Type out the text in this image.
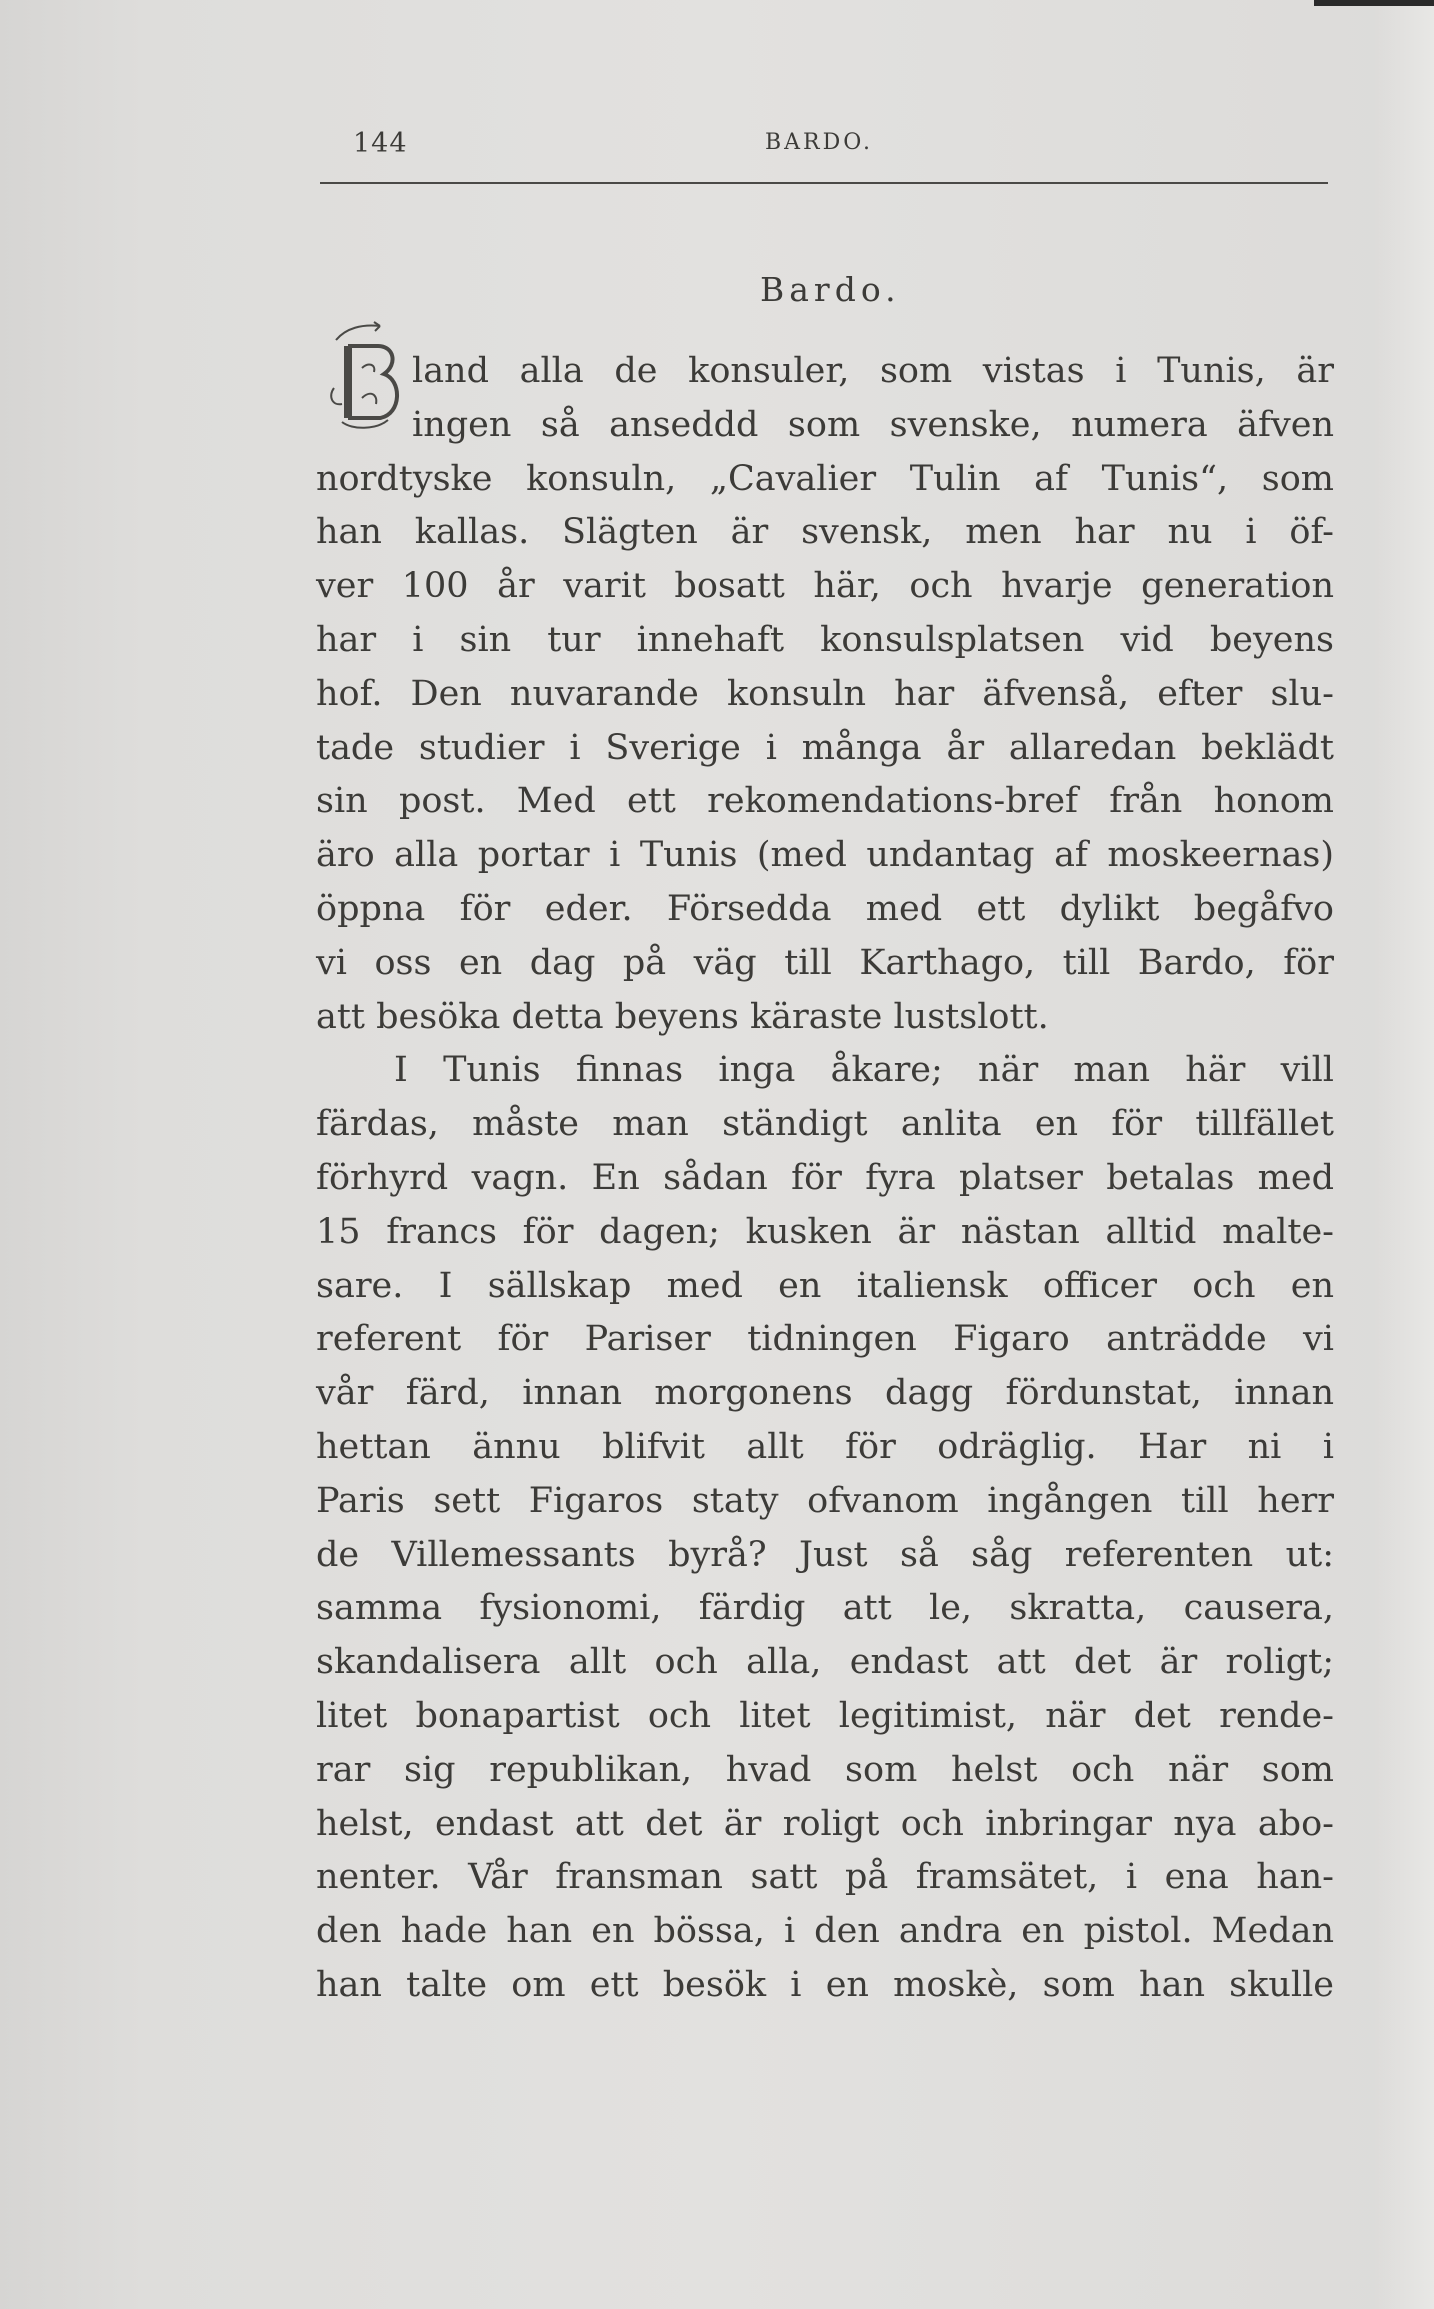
144	BARDO.
Bardo.
B
land alla de konsuler, som vistas i Tunis, är
ingen så anseddd som svenske, numera äfven
nordtyske konsuln, „Cavalier Tulin af Tunis“, som
han kallas. Slägten är svensk, men har nu i öf-
ver 100 år varit bosatt här, och hvarje generation
har i sin tur innehaft konsulsplatsen vid beyens
hof. Den nuvarande konsuln har äfvenså, efter slu-
tade studier i Sverige i många år allaredan beklädt
sin post. Med ett rekomendations-bref från honom
äro alla portar i Tunis (med undantag af moskeernas)
öppna för eder. Försedda med ett dylikt begåfvo
vi oss en dag på väg till Karthago, till Bardo, för
att besöka detta beyens käraste lustslott.
I Tunis finnas inga åkare; när man här vill
färdas, måste man ständigt anlita en för tillfället
förhyrd vagn. En sådan för fyra platser betalas med
15 francs för dagen; kusken är nästan alltid malte-
sare. I sällskap med en italiensk officer och en
referent för Pariser tidningen Figaro anträdde vi
vår färd, innan morgonens dagg fördunstat, innan
hettan ännu blifvit allt för odräglig. Har ni i
Paris sett Figaros staty ofvanom ingången till herr
de Villemessants byrå? Just så såg referenten ut:
samma fysionomi, färdig att le, skratta, causera,
skandalisera allt och alla, endast att det är roligt;
litet bonapartist och litet legitimist, när det rende-
rar sig republikan, hvad som helst och när som
helst, endast att det är roligt och inbringar nya abo-
nenter. Vår fransman satt på framsätet, i ena han-
den hade han en bössa, i den andra en pistol. Medan
han talte om ett besök i en moskè, som han skulle
